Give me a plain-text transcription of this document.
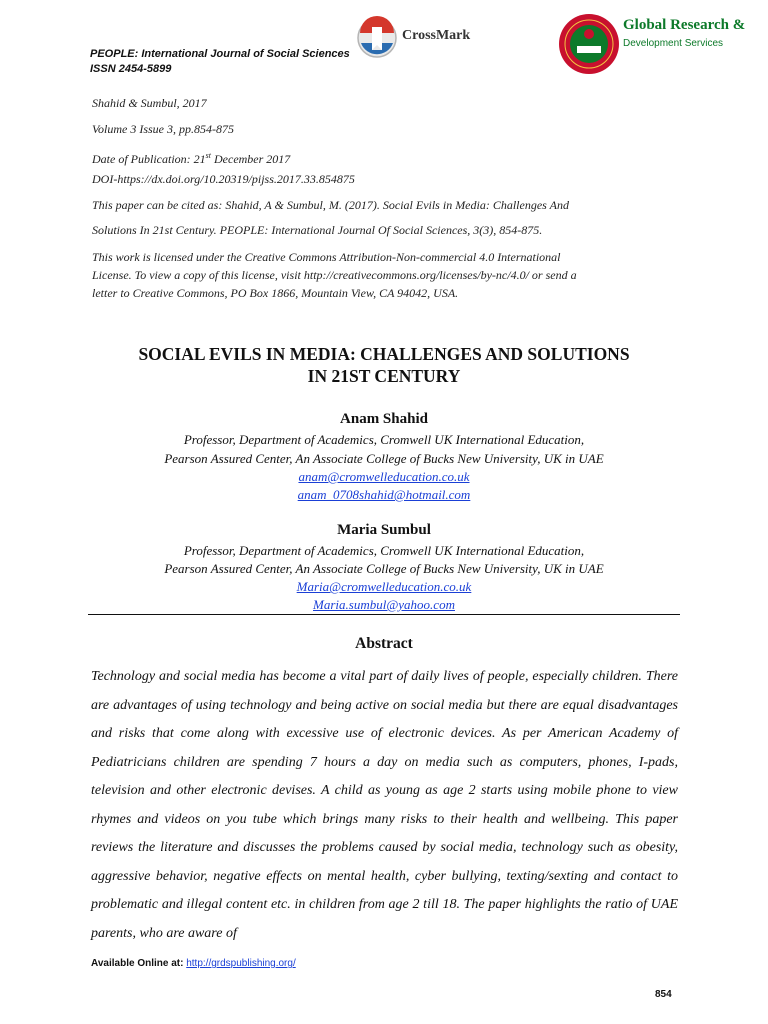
PEOPLE: International Journal of Social Sciences
ISSN 2454-5899
CrossMark
Global Research &
Development Services
Shahid & Sumbul, 2017
Volume 3 Issue 3, pp.854-875
Date of Publication: 21st December 2017
DOI-https://dx.doi.org/10.20319/pijss.2017.33.854875
This paper can be cited as: Shahid, A & Sumbul, M. (2017). Social Evils in Media: Challenges And
Solutions In 21st Century. PEOPLE: International Journal Of Social Sciences, 3(3), 854-875.
This work is licensed under the Creative Commons Attribution-Non-commercial 4.0 International
License. To view a copy of this license, visit http://creativecommons.org/licenses/by-nc/4.0/ or send a
letter to Creative Commons, PO Box 1866, Mountain View, CA 94042, USA.
SOCIAL EVILS IN MEDIA: CHALLENGES AND SOLUTIONS
IN 21ST CENTURY
Anam Shahid
Professor, Department of Academics, Cromwell UK International Education,
Pearson Assured Center, An Associate College of Bucks New University, UK in UAE
anam@cromwelleducation.co.uk
anam_0708shahid@hotmail.com
Maria Sumbul
Professor, Department of Academics, Cromwell UK International Education,
Pearson Assured Center, An Associate College of Bucks New University, UK in UAE
Maria@cromwelleducation.co.uk
Maria.sumbul@yahoo.com
Abstract
Technology and social media has become a vital part of daily lives of people, especially children. There are advantages of using technology and being active on social media but there are equal disadvantages and risks that come along with excessive use of electronic devices. As per American Academy of Pediatricians children are spending 7 hours a day on media such as computers, phones, I-pads, television and other electronic devises. A child as young as age 2 starts using mobile phone to view rhymes and videos on you tube which brings many risks to their health and wellbeing. This paper reviews the literature and discusses the problems caused by social media, technology such as obesity, aggressive behavior, negative effects on mental health, cyber bullying, texting/sexting and contact to problematic and illegal content etc. in children from age 2 till 18. The paper highlights the ratio of UAE parents, who are aware of
Available Online at: http://grdspublishing.org/
854
